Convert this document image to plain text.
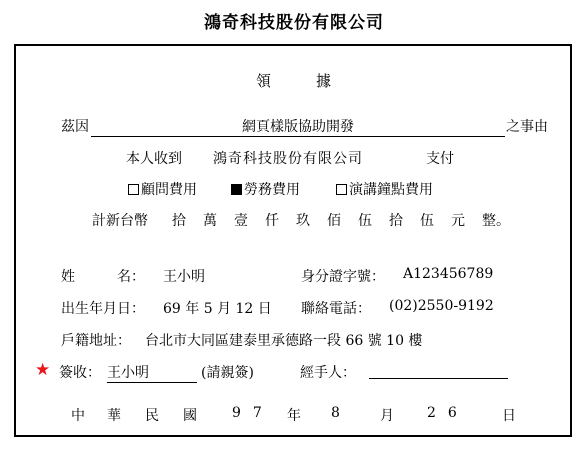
鴻奇科技股份有限公司
領	據
茲因	網頁樣版協助開發	之事由
本人收到 鴻奇科技股份有限公司	支付
顧問費用	勞務費用	演講鐘點費用
計新台幣 拾 萬 壹 仟 玖 佰 伍 拾 伍 元 整。
姓　　　名： 王小明	身分證字號： A123456789
出生年月日： 69 年 5 月 12 日 聯絡電話： (02)2550-9192
戶籍地址： 台北市大同區建泰里承德路一段 66 號 10 樓
★ 簽收： 王小明	(請親簽)	經手人：
中 華 民 國	97 年 8	月 26 日
